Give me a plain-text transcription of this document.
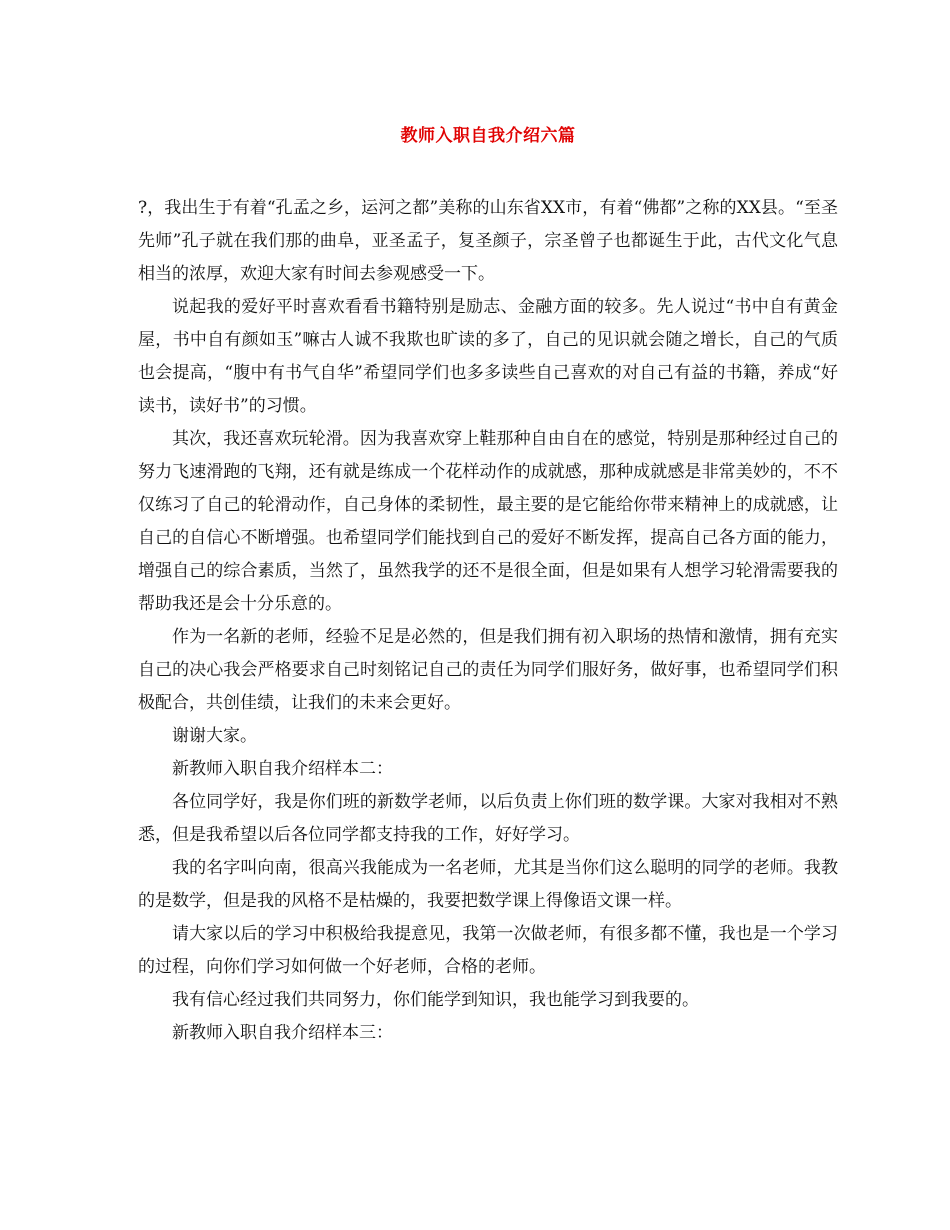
教师入职自我介绍六篇

?，我出生于有着“孔孟之乡，运河之都”美称的山东省XX市，有着“佛都”之称的XX县。“至圣先师”孔子就在我们那的曲阜，亚圣孟子，复圣颜子，宗圣曾子也都诞生于此，古代文化气息相当的浓厚，欢迎大家有时间去参观感受一下。

说起我的爱好平时喜欢看看书籍特别是励志、金融方面的较多。先人说过“书中自有黄金屋，书中自有颜如玉”嘛古人诚不我欺也旷读的多了，自己的见识就会随之增长，自己的气质也会提高，“腹中有书气自华”希望同学们也多多读些自己喜欢的对自己有益的书籍，养成“好读书，读好书”的习惯。

其次，我还喜欢玩轮滑。因为我喜欢穿上鞋那种自由自在的感觉，特别是那种经过自己的努力飞速滑跑的飞翔，还有就是练成一个花样动作的成就感，那种成就感是非常美妙的，不不仅练习了自己的轮滑动作，自己身体的柔韧性，最主要的是它能给你带来精神上的成就感，让自己的自信心不断增强。也希望同学们能找到自己的爱好不断发挥，提高自己各方面的能力，增强自己的综合素质，当然了，虽然我学的还不是很全面，但是如果有人想学习轮滑需要我的帮助我还是会十分乐意的。

作为一名新的老师，经验不足是必然的，但是我们拥有初入职场的热情和激情，拥有充实自己的决心我会严格要求自己时刻铭记自己的责任为同学们服好务，做好事，也希望同学们积极配合，共创佳绩，让我们的未来会更好。

谢谢大家。

新教师入职自我介绍样本二：

各位同学好，我是你们班的新数学老师，以后负责上你们班的数学课。大家对我相对不熟悉，但是我希望以后各位同学都支持我的工作，好好学习。

我的名字叫向南，很高兴我能成为一名老师，尤其是当你们这么聪明的同学的老师。我教的是数学，但是我的风格不是枯燥的，我要把数学课上得像语文课一样。

请大家以后的学习中积极给我提意见，我第一次做老师，有很多都不懂，我也是一个学习的过程，向你们学习如何做一个好老师，合格的老师。

我有信心经过我们共同努力，你们能学到知识，我也能学习到我要的。

新教师入职自我介绍样本三：
